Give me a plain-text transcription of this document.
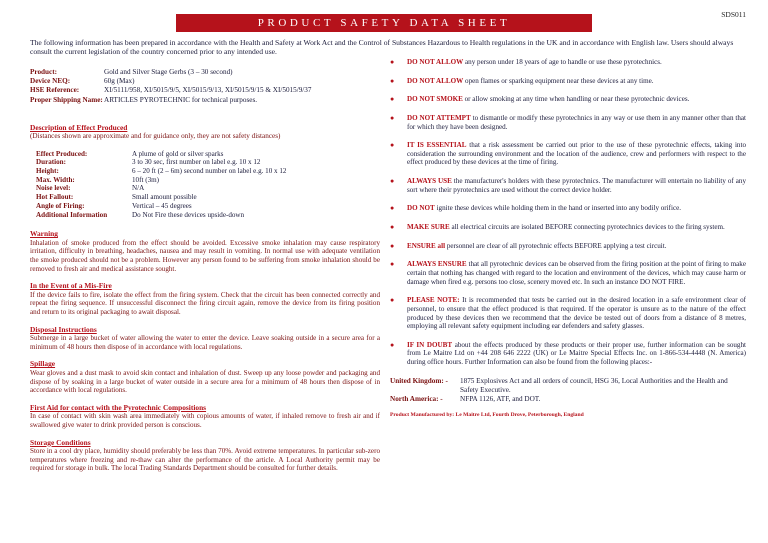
SDS011
PRODUCT SAFETY DATA SHEET
The following information has been prepared in accordance with the Health and Safety at Work Act and the Control of Substances Hazardous to Health regulations in the UK and in accordance with English law. Users should always consult the current legislation of the country concerned prior to any intended use.
Product:	Gold and Silver Stage Gerbs (3 – 30 second)
Device NEQ:	60g (Max)
HSE Reference:	XI/5111/958, XI/5015/9/5, XI/5015/9/13, XI/5015/9/15 & XI/5015/9/37
Proper Shipping Name: ARTICLES PYROTECHNIC for technical purposes.
Description of Effect Produced
(Distances shown are approximate and for guidance only, they are not safety distances)
Effect Produced:	A plume of gold or silver sparks
Duration:	3 to 30 sec, first number on label e.g. 10 x 12
Height:	6 – 20 ft (2 – 6m) second number on label e.g. 10 x 12
Max. Width:	10ft (3m)
Noise level:	N/A
Hot Fallout:	Small amount possible
Angle of Firing:	Vertical – 45 degrees
Additional Information	Do Not Fire these devices upside-down
Warning
Inhalation of smoke produced from the effect should be avoided. Excessive smoke inhalation may cause respiratory irritation, difficulty in breathing, headaches, nausea and may result in vomiting. In normal use with adequate ventilation the smoke produced should not be a problem. However any person found to be suffering from smoke inhalation should be removed to fresh air and medical assistance sought.
In the Event of a Mis-Fire
If the device fails to fire, isolate the effect from the firing system. Check that the circuit has been connected correctly and repeat the firing sequence. If unsuccessful disconnect the firing circuit again, remove the device from its firing position and return to its original packaging to await disposal.
Disposal Instructions
Submerge in a large bucket of water allowing the water to enter the device. Leave soaking outside in a secure area for a minimum of 48 hours then dispose of in accordance with local regulations.
Spillage
Wear gloves and a dust mask to avoid skin contact and inhalation of dust. Sweep up any loose powder and packaging and dispose of by soaking in a large bucket of water outside in a secure area for a minimum of 48 hours then dispose of in accordance with local regulations.
First Aid for contact with the Pyrotechnic Compositions
In case of contact with skin wash area immediately with copious amounts of water, if inhaled remove to fresh air and if swallowed give water to drink provided person is conscious.
Storage Conditions
Store in a cool dry place, humidity should preferably be less than 70%. Avoid extreme temperatures. In particular sub-zero temperatures where freezing and re-thaw can alter the performance of the article. A Local Authority permit may be required for storage in bulk. The local Trading Standards Department should be consulted for further details.
● DO NOT ALLOW any person under 18 years of age to handle or use these pyrotechnics.
● DO NOT ALLOW open flames or sparking equipment near these devices at any time.
● DO NOT SMOKE or allow smoking at any time when handling or near these pyrotechnic devices.
● DO NOT ATTEMPT to dismantle or modify these pyrotechnics in any way or use them in any manner other than that for which they have been designed.
● IT IS ESSENTIAL that a risk assessment be carried out prior to the use of these pyrotechnic effects, taking into consideration the surrounding environment and the location of the audience, crew and performers with respect to the effect produced by these devices at the time of firing.
● ALWAYS USE the manufacturer's holders with these pyrotechnics. The manufacturer will entertain no liability of any sort where their pyrotechnics are used without the correct device holder.
● DO NOT ignite these devices while holding them in the hand or inserted into any bodily orifice.
● MAKE SURE all electrical circuits are isolated BEFORE connecting pyrotechnics devices to the firing system.
● ENSURE all personnel are clear of all pyrotechnic effects BEFORE applying a test circuit.
● ALWAYS ENSURE that all pyrotechnic devices can be observed from the firing position at the point of firing to make certain that nothing has changed with regard to the location and environment of the devices, which may cause harm or damage when fired e.g. persons too close, scenery moved etc. In such an instance DO NOT FIRE.
● PLEASE NOTE: It is recommended that tests be carried out in the desired location in a safe environment clear of personnel, to ensure that the effect produced is that required. If the operator is unsure as to the nature of the effect produced by these devices then we recommend that the device be tested out of doors from a distance of 8 metres, employing all relevant safety equipment including ear defenders and safety glasses.
● IF IN DOUBT about the effects produced by these products or their proper use, further information can be sought from Le Maitre Ltd on +44 208 646 2222 (UK) or Le Maitre Special Effects Inc. on 1-866-534-4448 (N. America) during office hours. Further Information can also be found from the following places:-
United Kingdom: -	1875 Explosives Act and all orders of council, HSG 36, Local Authorities and the Health and Safety Executive.
North America: -	NFPA 1126, ATF, and DOT.
Product Manufactured by: Le Maitre Ltd, Fourth Drove, Peterborough, England
